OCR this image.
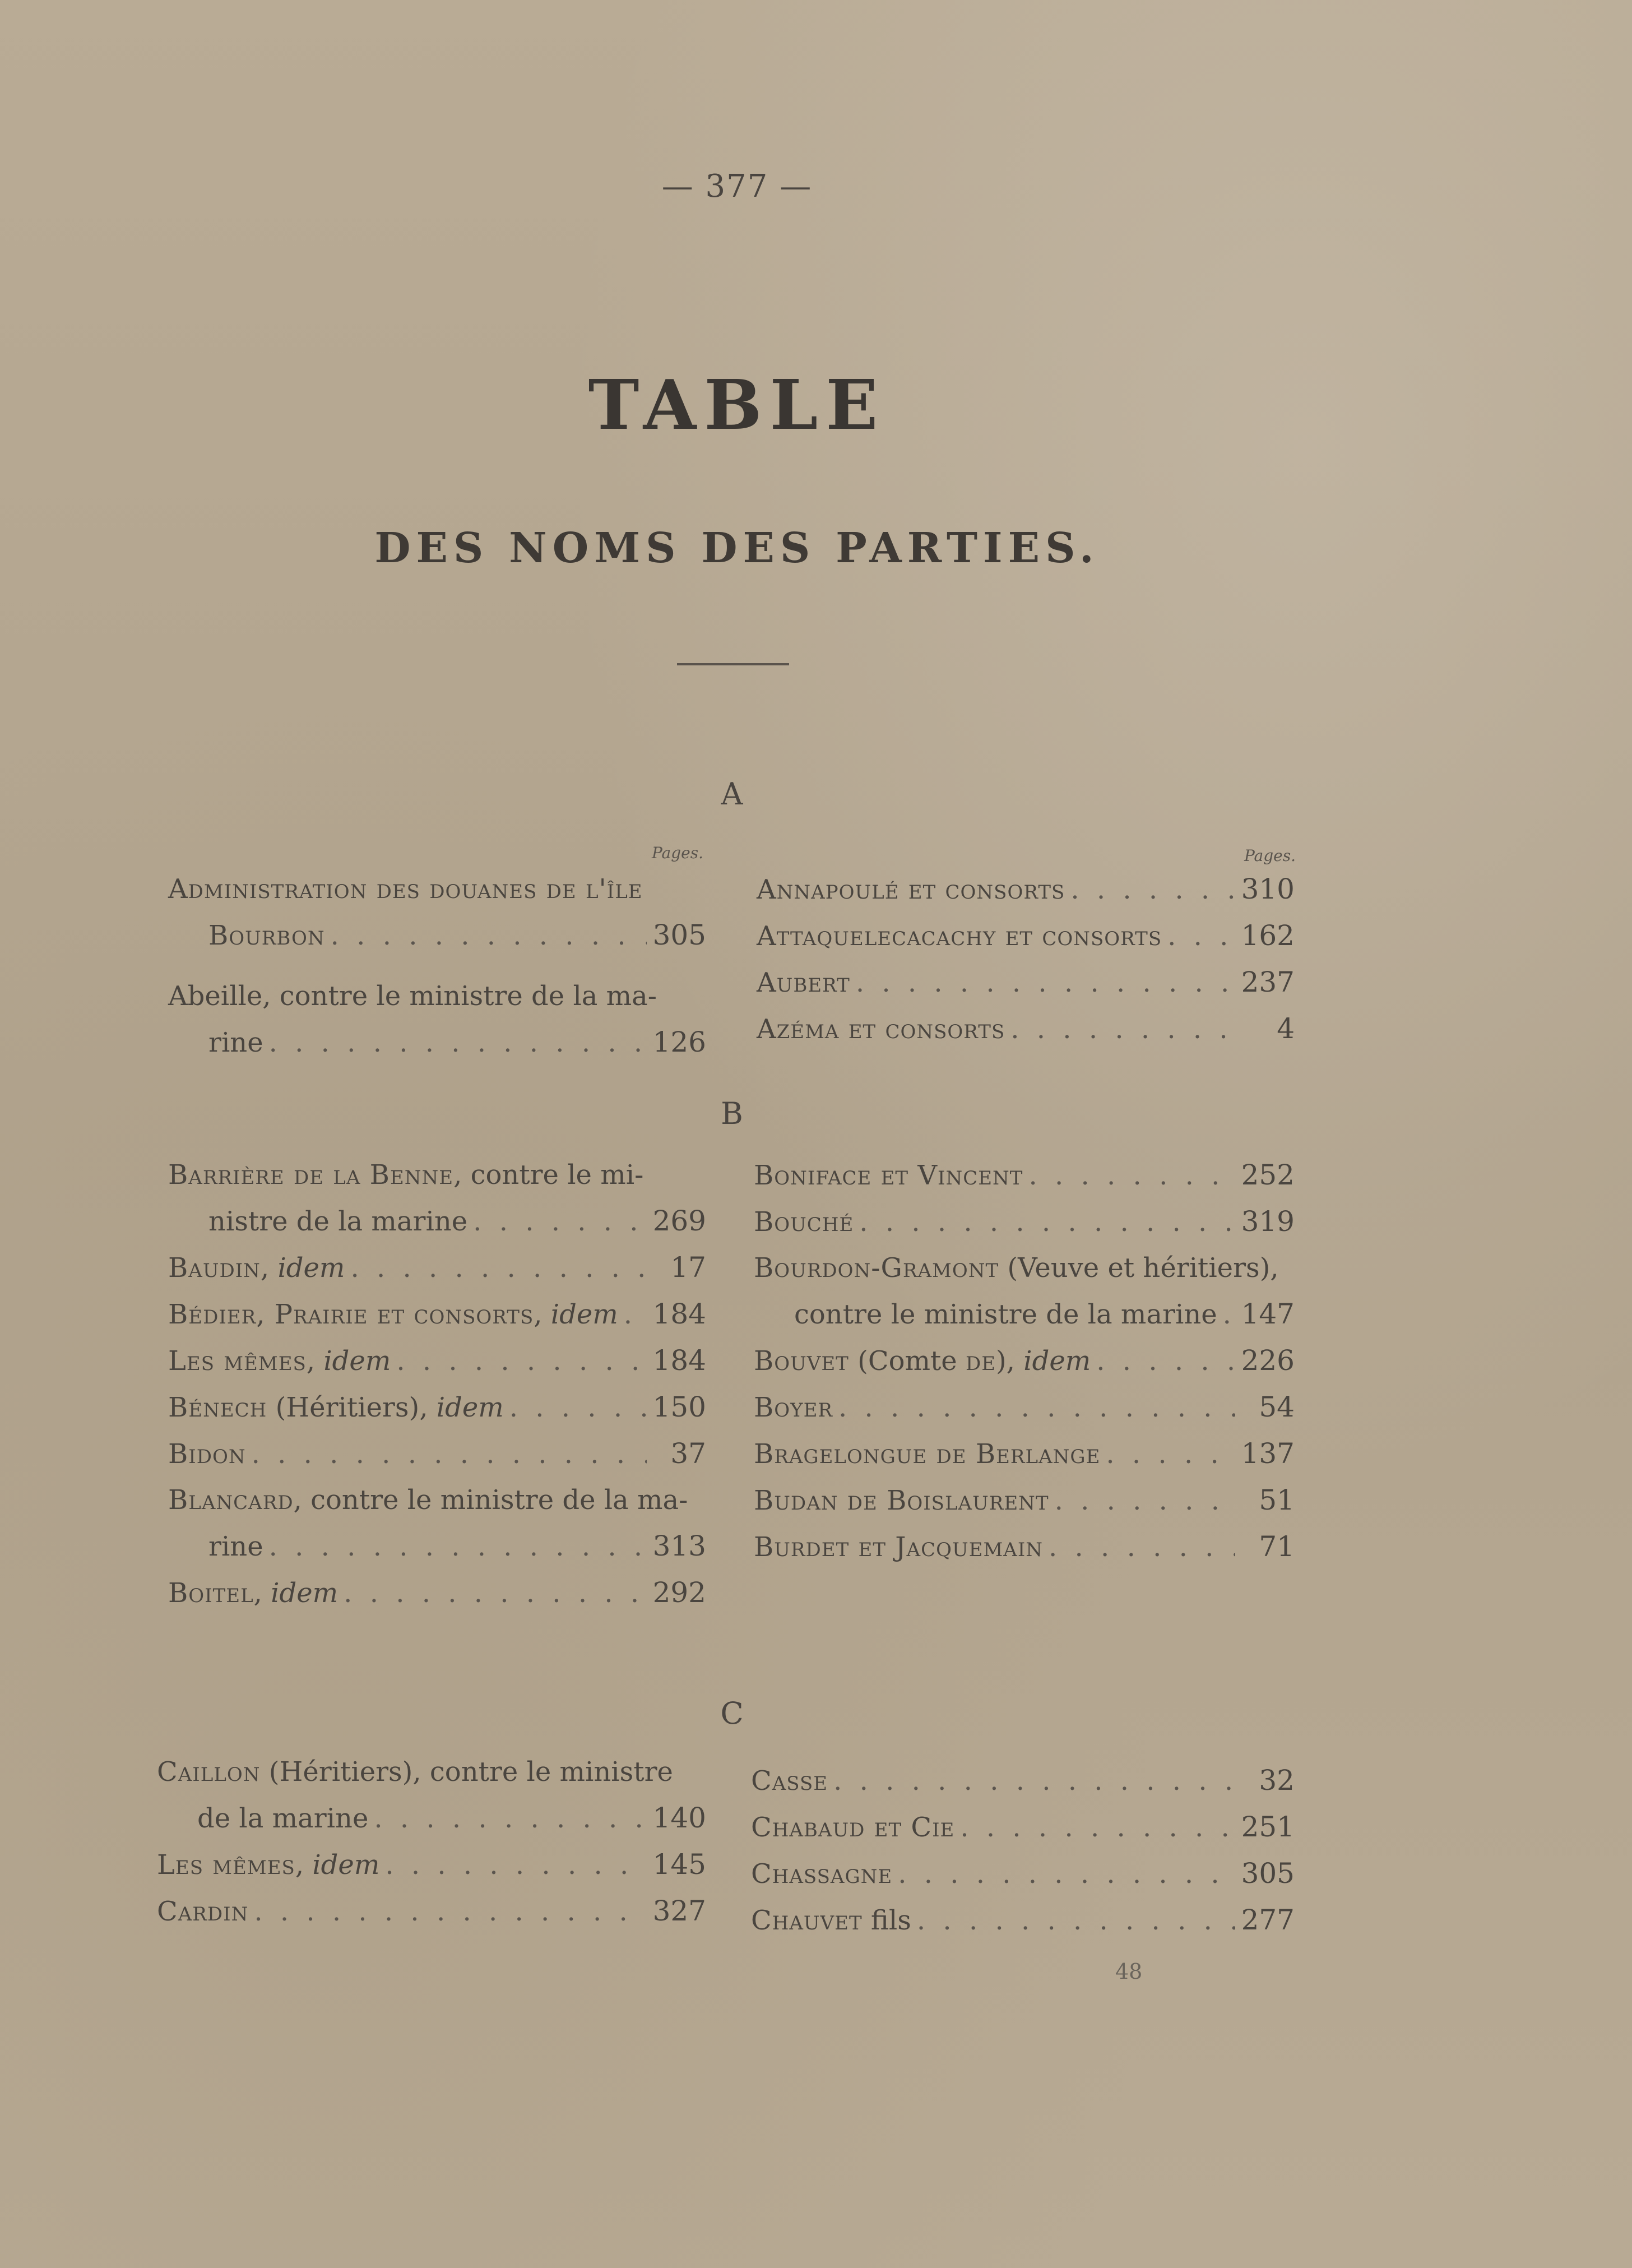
— 377 —
TABLE
DES NOMS DES PARTIES.
A
Pages.	Pages.
Administration des douanes de l'île
Bourbon . . .	305
Abeille, contre le ministre de la ma-
rine . . .	126
Annapoulé et consorts . . .	310
Attaquelecacachy et consorts . . .	162
Aubert . . .	237
Azéma et consorts . . .	4
B
Barrière de la Benne, contre le mi-
nistre de la marine . . .	269
Baudin, idem . . .	17
Bédier, Prairie et consorts, idem . . . 184
Les mêmes, idem . . .	184
Bénech (Héritiers), idem . . .	150
Bidon . . .	37
Blancard, contre le ministre de la ma-
rine . . .	313
Boitel, idem . . .	292
Boniface et Vincent . . .	252
Bouché . . .	319
Bourdon-Gramont (Veuve et héritiers),
contre le ministre de la marine . . . 147
Bouvet (Comte de), idem . . .	226
Boyer . . .	54
Bragelongue de Berlange . . .	137
Budan de Boislaurent . . .	51
Burdet et Jacquemain . . .	71
C
Caillon (Héritiers), contre le ministre
de la marine . . .	140
Les mêmes, idem . . .	145
Cardin . . .	327
Casse . . .	32
Chabaud et Cie . . .	251
Chassagne . . .	305
Chauvet fils . . .	277
48
